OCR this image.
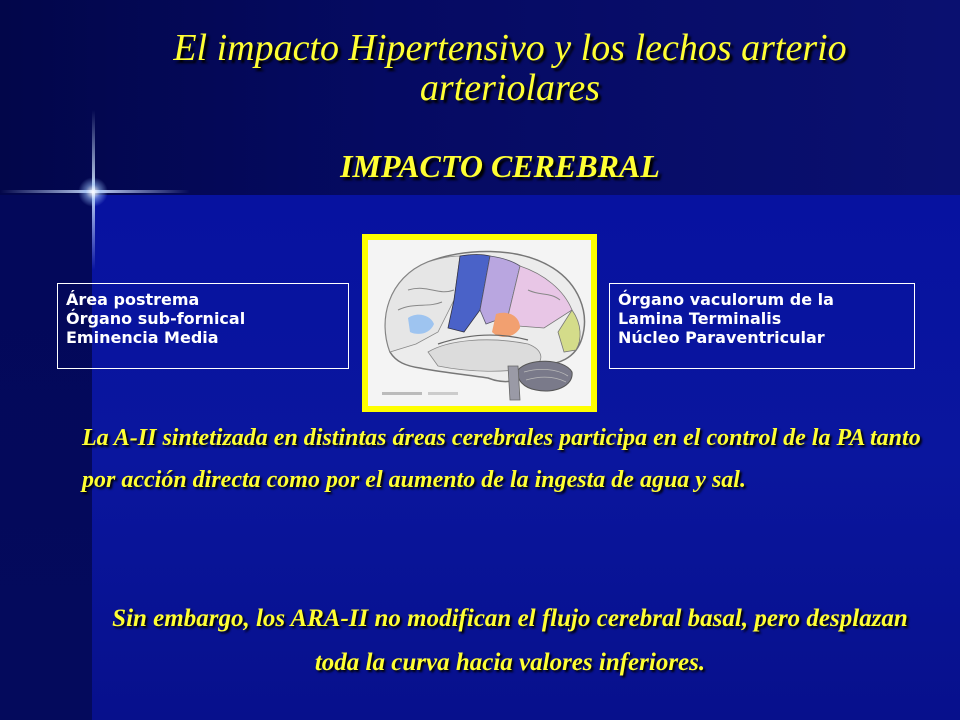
El impacto Hipertensivo y los lechos arterio arteriolares
IMPACTO CEREBRAL
Área postrema
Órgano sub-fornical
Eminencia Media
Órgano vaculorum de la
Lamina Terminalis
Núcleo Paraventricular
La A-II sintetizada en distintas áreas cerebrales participa en el control de la PA tanto por acción directa como por el aumento de la ingesta de agua y sal.
Sin embargo, los ARA-II no modifican el flujo cerebral basal, pero desplazan toda la curva hacia valores inferiores.
